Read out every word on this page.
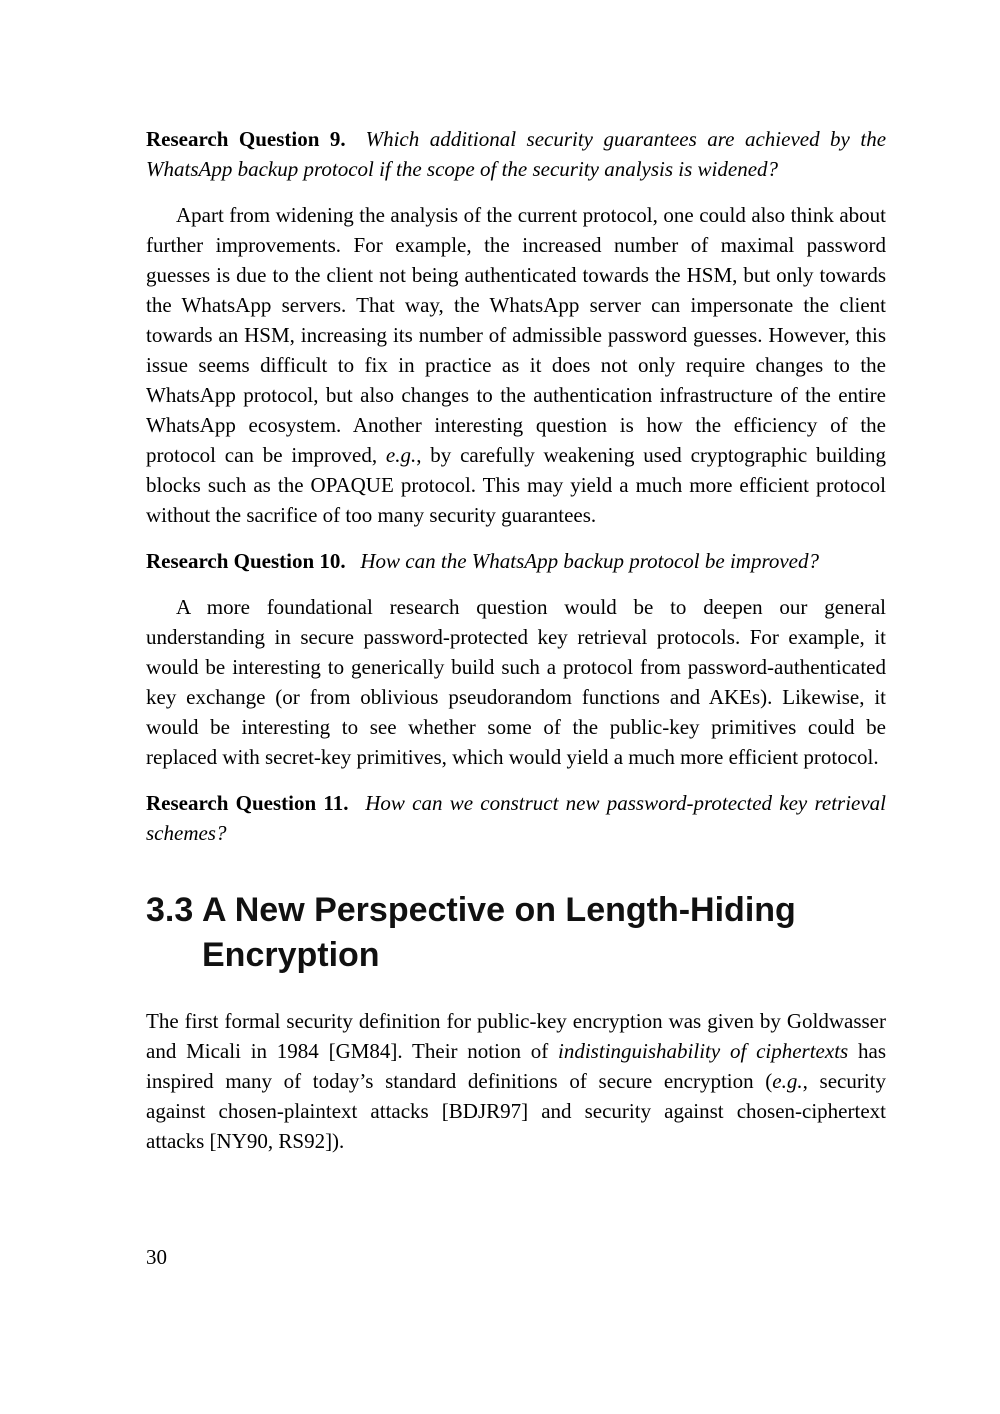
Research Question 9. Which additional security guarantees are achieved by the WhatsApp backup protocol if the scope of the security analysis is widened?

Apart from widening the analysis of the current protocol, one could also think about further improvements. For example, the increased number of maximal password guesses is due to the client not being authenticated towards the HSM, but only towards the WhatsApp servers. That way, the WhatsApp server can impersonate the client towards an HSM, increasing its number of admissible password guesses. However, this issue seems difficult to fix in practice as it does not only require changes to the WhatsApp protocol, but also changes to the authentication infrastructure of the entire WhatsApp ecosystem. Another interesting question is how the efficiency of the protocol can be improved, e.g., by carefully weakening used cryptographic building blocks such as the OPAQUE protocol. This may yield a much more efficient protocol without the sacrifice of too many security guarantees.

Research Question 10. How can the WhatsApp backup protocol be improved?

A more foundational research question would be to deepen our general understanding in secure password-protected key retrieval protocols. For example, it would be interesting to generically build such a protocol from password-authenticated key exchange (or from oblivious pseudorandom functions and AKEs). Likewise, it would be interesting to see whether some of the public-key primitives could be replaced with secret-key primitives, which would yield a much more efficient protocol.

Research Question 11. How can we construct new password-protected key retrieval schemes?

3.3 A New Perspective on Length-Hiding
Encryption

The first formal security definition for public-key encryption was given by Goldwasser and Micali in 1984 [GM84]. Their notion of indistinguishability of ciphertexts has inspired many of today’s standard definitions of secure encryption (e.g., security against chosen-plaintext attacks [BDJR97] and security against chosen-ciphertext attacks [NY90, RS92]).

30
